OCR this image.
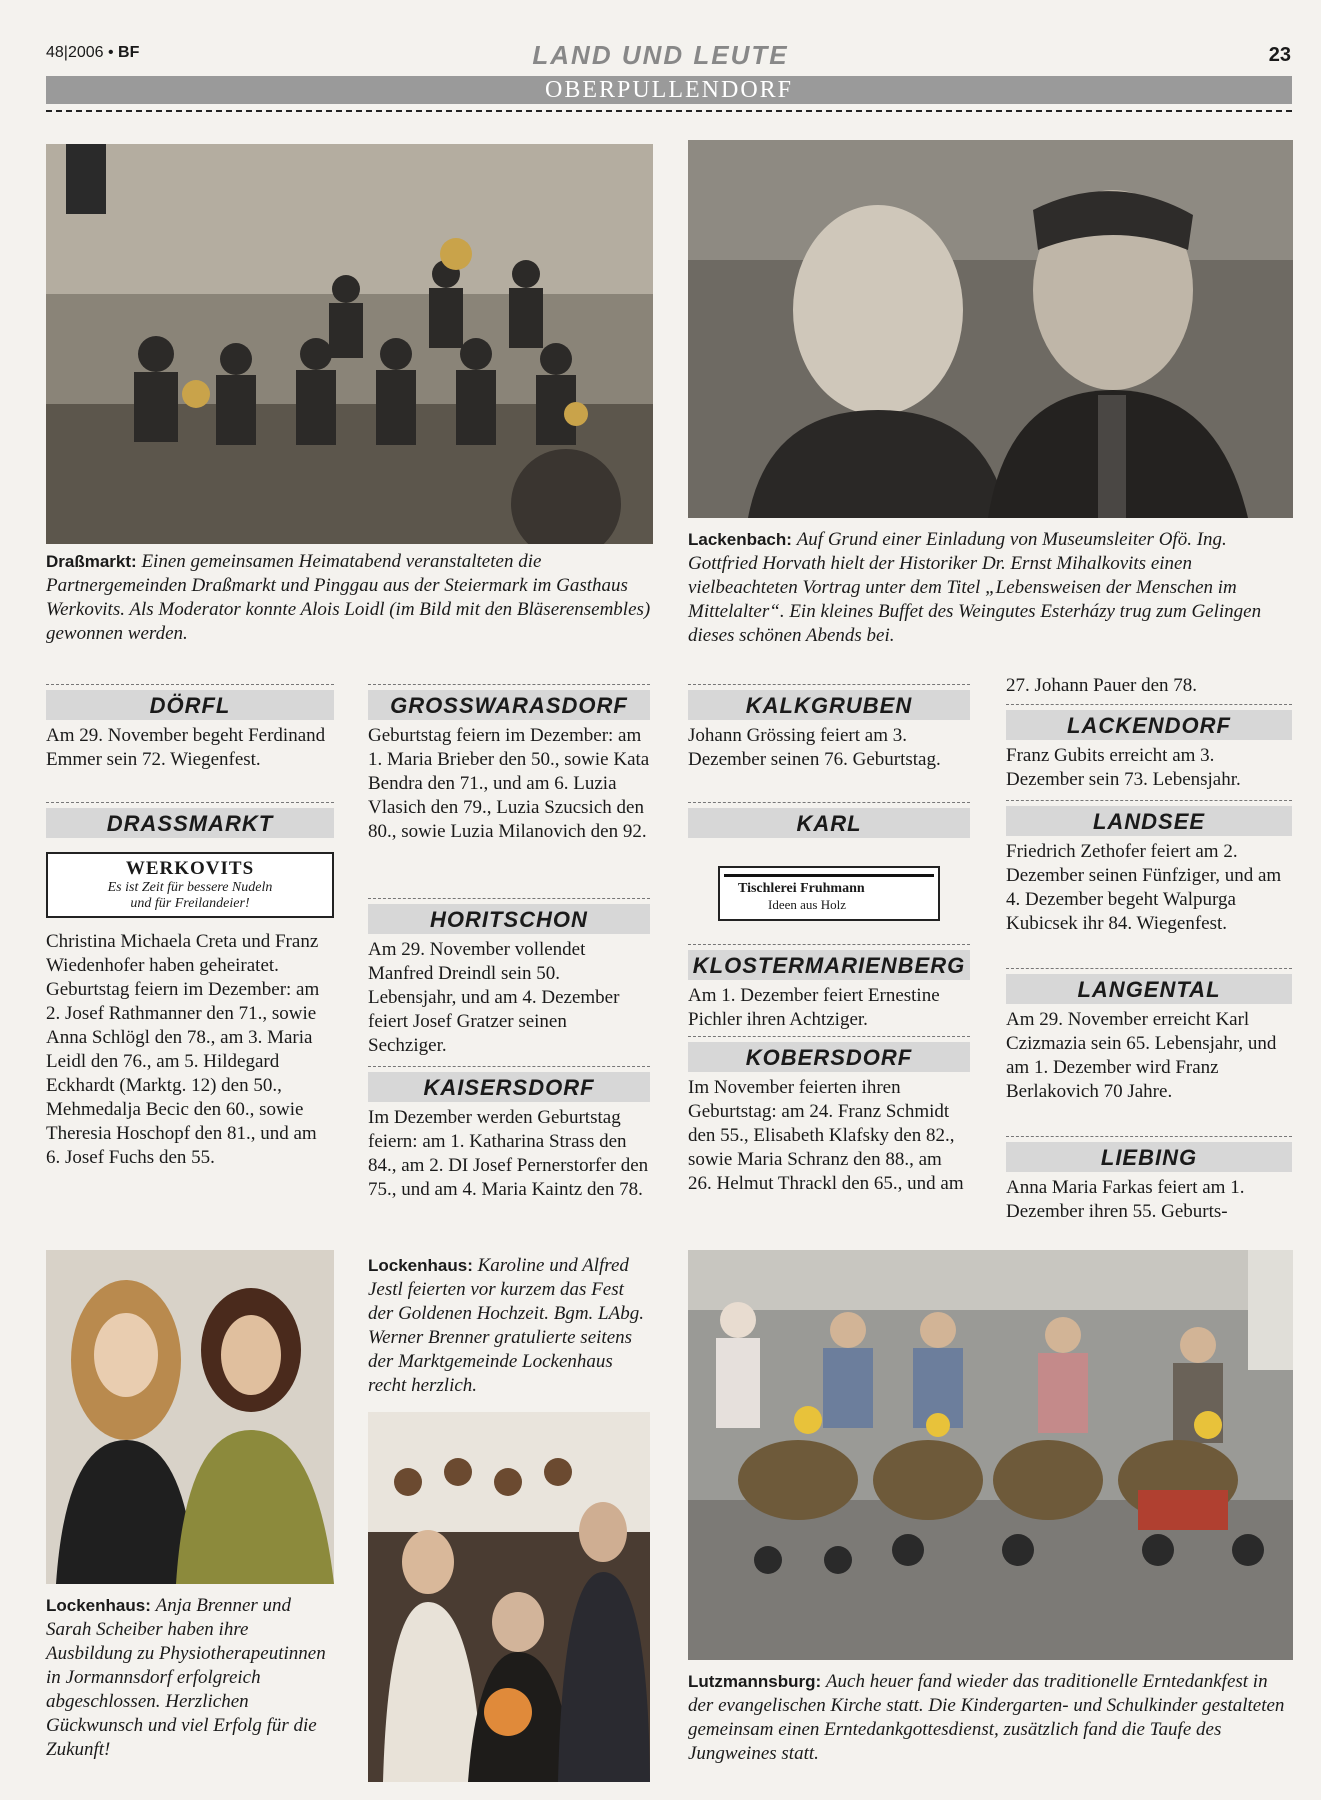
48|2006 • BF	LAND UND LEUTE	23
OBERPULLENDORF
Draßmarkt: Einen gemeinsamen Heimatabend veranstalteten die Partnergemeinden Draßmarkt und Pinggau aus der Steiermark im Gasthaus Werkovits. Als Moderator konnte Alois Loidl (im Bild mit den Bläserensembles) gewonnen werden.
Lackenbach: Auf Grund einer Einladung von Museumsleiter Ofö. Ing. Gottfried Horvath hielt der Historiker Dr. Ernst Mihalkovits einen vielbeachteten Vortrag unter dem Titel „Lebensweisen der Menschen im Mittelalter“. Ein kleines Buffet des Weingutes Esterházy trug zum Gelingen dieses schönen Abends bei.
DÖRFL

Am 29. November begeht Ferdinand Emmer sein 72. Wiegenfest.

DRASSMARKT
WERKOVITS
Es ist Zeit für bessere Nudeln
und für Freilandeier!

Christina Michaela Creta und Franz Wiedenhofer haben geheiratet. Geburtstag feiern im Dezember: am 2. Josef Rathmanner den 71., sowie Anna Schlögl den 78., am 3. Maria Leidl den 76., am 5. Hildegard Eckhardt (Marktg. 12) den 50., Mehmedalja Becic den 60., sowie Theresia Hoschopf den 81., und am 6. Josef Fuchs den 55.

GROSSWARASDORF

Geburtstag feiern im Dezember: am 1. Maria Brieber den 50., sowie Kata Bendra den 71., und am 6. Luzia Vlasich den 79., Luzia Szucsich den 80., sowie Luzia Milanovich den 92.

HORITSCHON

Am 29. November vollendet Manfred Dreindl sein 50. Lebensjahr, und am 4. Dezember feiert Josef Gratzer seinen Sechziger.

KAISERSDORF

Im Dezember werden Geburtstag feiern: am 1. Katharina Strass den 84., am 2. DI Josef Pernerstorfer den 75., und am 4. Maria Kaintz den 78.

KALKGRUBEN

Johann Grössing feiert am 3. Dezember seinen 76. Geburtstag.

KARL
Tischlerei Fruhmann
Ideen aus Holz
KLOSTERMARIENBERG

Am 1. Dezember feiert Ernestine Pichler ihren Achtziger.

KOBERSDORF

Im November feierten ihren Geburtstag: am 24. Franz Schmidt den 55., Elisabeth Klafsky den 82., sowie Maria Schranz den 88., am 26. Helmut Thrackl den 65., und am

27. Johann Pauer den 78.
LACKENDORF

Franz Gubits erreicht am 3. Dezember sein 73. Lebensjahr.

LANDSEE

Friedrich Zethofer feiert am 2. Dezember seinen Fünfziger, und am 4. Dezember begeht Walpurga Kubicsek ihr 84. Wiegenfest.

LANGENTAL

Am 29. November erreicht Karl Czizmazia sein 65. Lebensjahr, und am 1. Dezember wird Franz Berlakovich 70 Jahre.

LIEBING

Anna Maria Farkas feiert am 1. Dezember ihren 55. Geburts-

Lockenhaus: Anja Brenner und Sarah Scheiber haben ihre Ausbildung zu Physiotherapeutinnen in Jormannsdorf erfolgreich abgeschlossen. Herzlichen Gückwunsch und viel Erfolg für die Zukunft!
Lockenhaus: Karoline und Alfred Jestl feierten vor kurzem das Fest der Goldenen Hochzeit. Bgm. LAbg. Werner Brenner gratulierte seitens der Marktgemeinde Lockenhaus recht herzlich.
Lutzmannsburg: Auch heuer fand wieder das traditionelle Erntedankfest in der evangelischen Kirche statt. Die Kindergarten- und Schulkinder gestalteten gemeinsam einen Erntedankgottesdienst, zusätzlich fand die Taufe des Jungweines statt.
